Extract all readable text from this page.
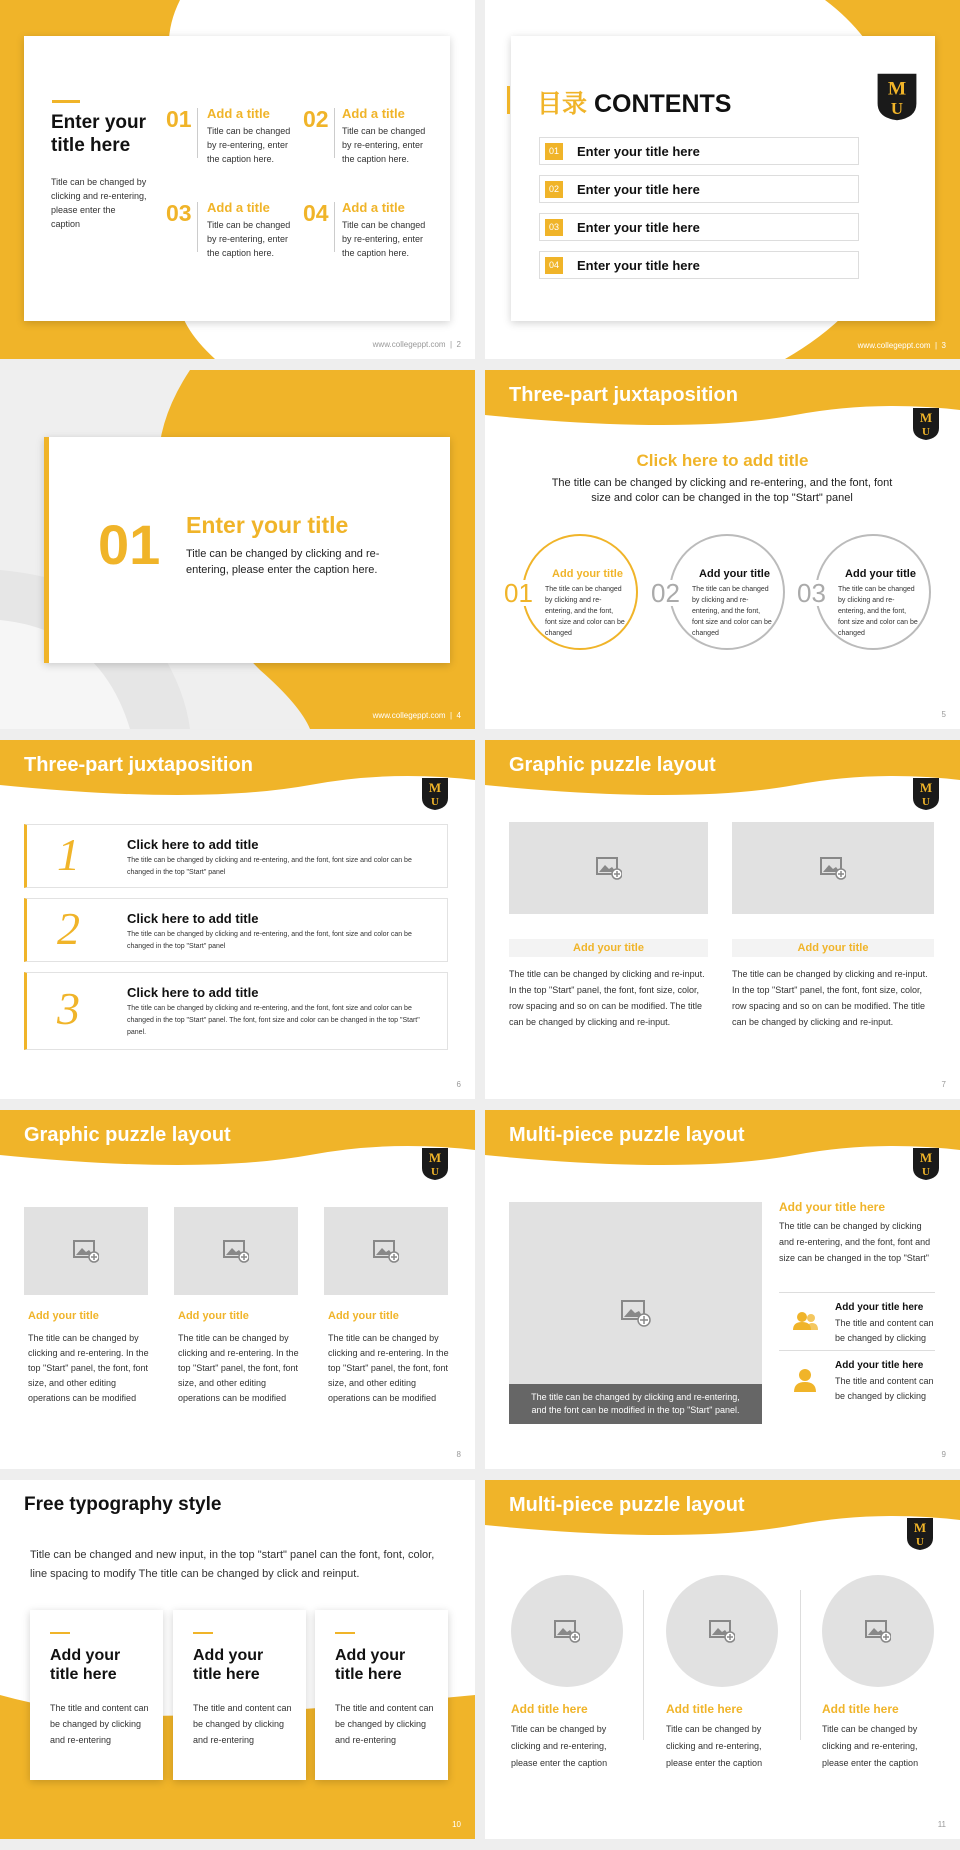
Enter your title here
Title can be changed by clicking and re-entering, please enter the caption
01 Add a title
Title can be changed by re-entering, enter the caption here.
02 Add a title
Title can be changed by re-entering, enter the caption here.
03 Add a title
Title can be changed by re-entering, enter the caption here.
04 Add a title
Title can be changed by re-entering, enter the caption here.
www.collegeppt.com  |  2
目录 CONTENTS
M
U
01	Enter your title here
02	Enter your title here
03	Enter your title here
04	Enter your title here
www.collegeppt.com  |  3
01 Enter your title
Title can be changed by clicking and re-entering, please enter the caption here.
www.collegeppt.com  |  4
Three-part juxtaposition
M
U
Click here to add title
The title can be changed by clicking and re-entering, and the font, font size and color can be changed in the top "Start" panel
01
Add your title
The title can be changed by clicking and re-entering, and the font, font size and color can be changed
02
Add your title
The title can be changed by clicking and re-entering, and the font, font size and color can be changed
03
Add your title
The title can be changed by clicking and re-entering, and the font, font size and color can be changed
5
Three-part juxtaposition
M
U
1	Click here to add title
The title can be changed by clicking and re-entering, and the font, font size and color can be changed in the top "Start" panel
2	Click here to add title
The title can be changed by clicking and re-entering, and the font, font size and color can be changed in the top "Start" panel
3	Click here to add title
The title can be changed by clicking and re-entering, and the font, font size and color can be changed in the top "Start" panel. The font, font size and color can be changed in the top "Start" panel.
6
Graphic puzzle layout
M
U
Add your title
The title can be changed by clicking and re-input. In the top "Start" panel, the font, font size, color, row spacing and so on can be modified. The title can be changed by clicking and re-input.
Add your title
The title can be changed by clicking and re-input. In the top "Start" panel, the font, font size, color, row spacing and so on can be modified. The title can be changed by clicking and re-input.
7
Graphic puzzle layout
M
U
Add your title
The title can be changed by clicking and re-entering. In the top "Start" panel, the font, font size, and other editing operations can be modified
Add your title
The title can be changed by clicking and re-entering. In the top "Start" panel, the font, font size, and other editing operations can be modified
Add your title
The title can be changed by clicking and re-entering. In the top "Start" panel, the font, font size, and other editing operations can be modified
8
Multi-piece puzzle layout
M
U
The title can be changed by clicking and re-entering, and the font can be modified in the top "Start" panel.
Add your title here
The title can be changed by clicking and re-entering, and the font, font and size can be changed in the top "Start"
Add your title here
The title and content can be changed by clicking
Add your title here
The title and content can be changed by clicking
9
Free typography style
Title can be changed and new input, in the top "start" panel can the font, font, color, line spacing to modify The title can be changed by click and reinput.
Add your title here
The title and content can be changed by clicking and re-entering
Add your title here
The title and content can be changed by clicking and re-entering
Add your title here
The title and content can be changed by clicking and re-entering
10
Multi-piece puzzle layout
M
U
Add title here
Title can be changed by clicking and re-entering, please enter the caption
Add title here
Title can be changed by clicking and re-entering, please enter the caption
Add title here
Title can be changed by clicking and re-entering, please enter the caption
11
